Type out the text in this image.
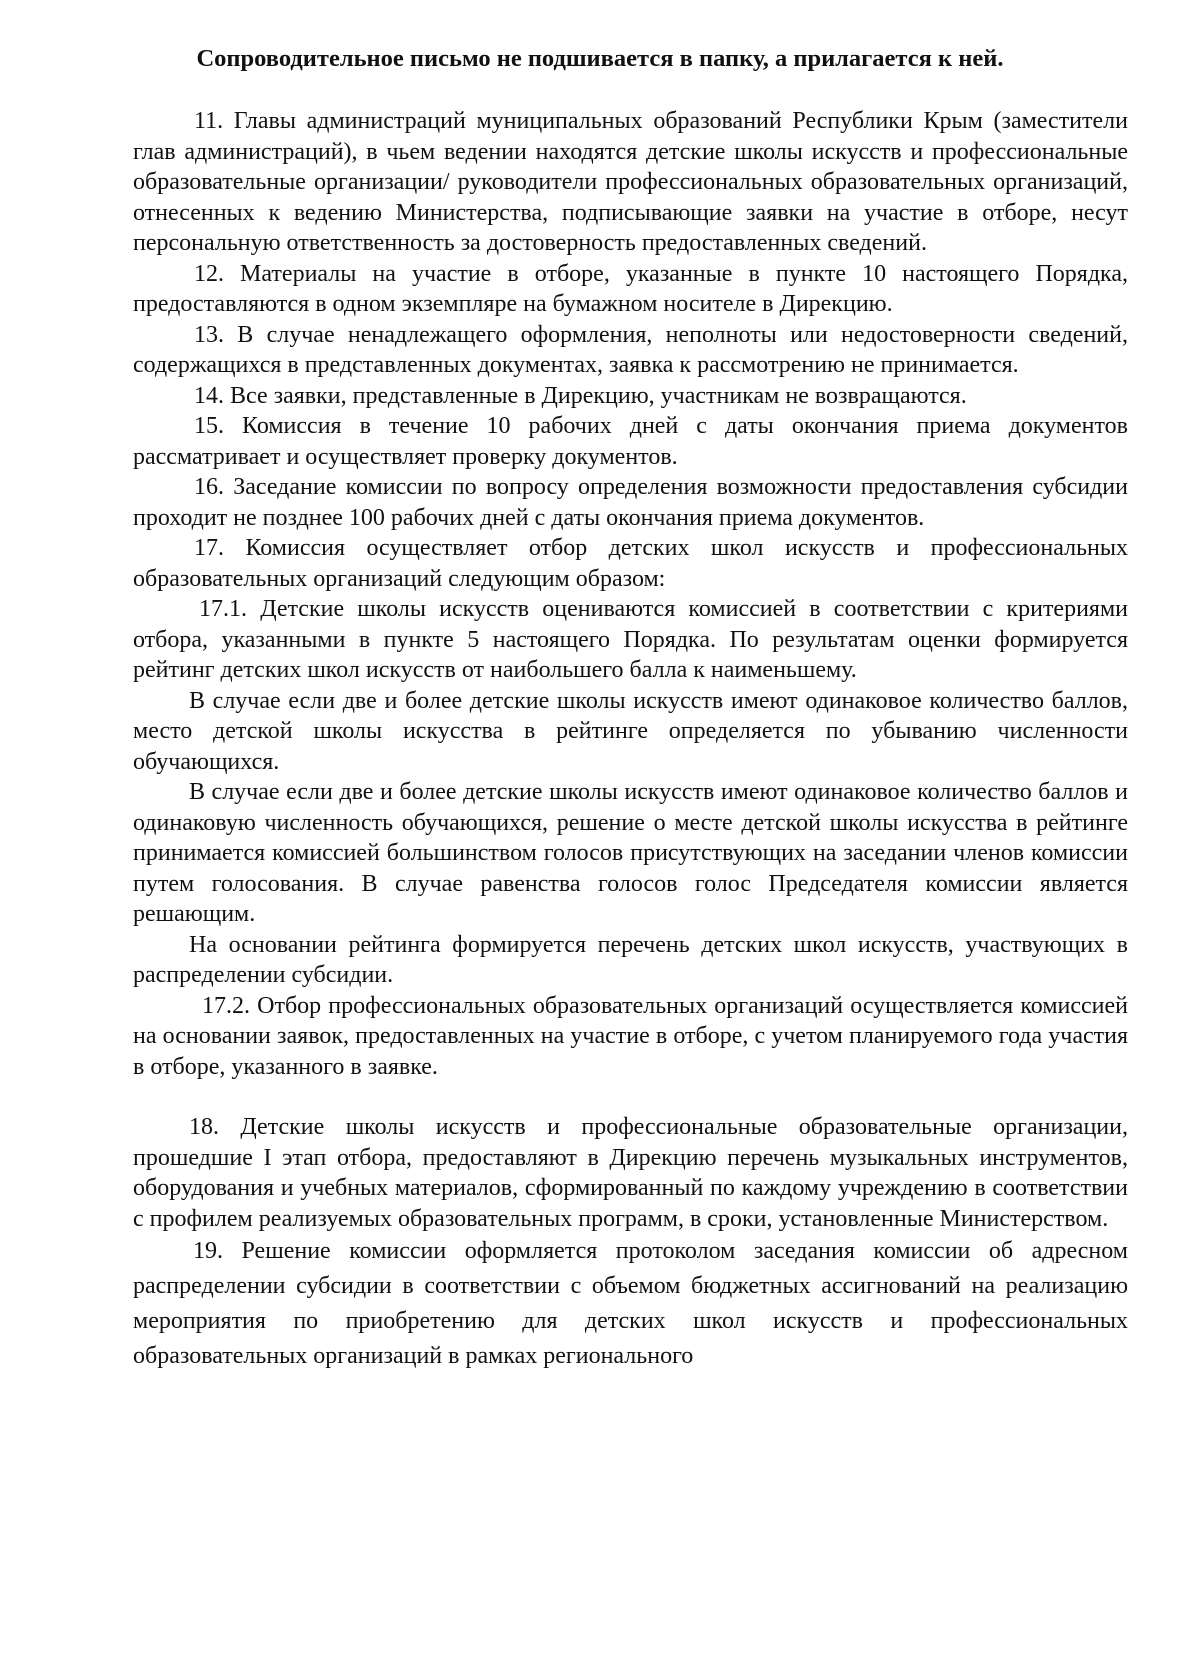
Сопроводительное письмо не подшивается в папку, а прилагается к ней.

11. Главы администраций муниципальных образований Республики Крым (заместители глав администраций), в чьем ведении находятся детские школы искусств и профессиональные образовательные организации/ руководители профессиональных образовательных организаций, отнесенных к ведению Министерства, подписывающие заявки на участие в отборе, несут персональную ответственность за достоверность предоставленных сведений.

12. Материалы на участие в отборе, указанные в пункте 10 настоящего Порядка, предоставляются в одном экземпляре на бумажном носителе в Дирекцию.

13. В случае ненадлежащего оформления, неполноты или недостоверности сведений, содержащихся в представленных документах, заявка к рассмотрению не принимается.

14. Все заявки, представленные в Дирекцию, участникам не возвращаются.

15. Комиссия в течение 10 рабочих дней с даты окончания приема документов рассматривает и осуществляет проверку документов.

16. Заседание комиссии по вопросу определения возможности предоставления субсидии проходит не позднее 100 рабочих дней с даты окончания приема документов.

17. Комиссия осуществляет отбор детских школ искусств и профессиональных образовательных организаций следующим образом:

17.1. Детские школы искусств оцениваются комиссией в соответствии с критериями отбора, указанными в пункте 5 настоящего Порядка. По результатам оценки формируется рейтинг детских школ искусств от наибольшего балла к наименьшему.

В случае если две и более детские школы искусств имеют одинаковое количество баллов, место детской школы искусства в рейтинге определяется по убыванию численности обучающихся.

В случае если две и более детские школы искусств имеют одинаковое количество баллов и одинаковую численность обучающихся, решение о месте детской школы искусства в рейтинге принимается комиссией большинством голосов присутствующих на заседании членов комиссии путем голосования. В случае равенства голосов голос Председателя комиссии является решающим.

На основании рейтинга формируется перечень детских школ искусств, участвующих в распределении субсидии.

17.2. Отбор профессиональных образовательных организаций осуществляется комиссией на основании заявок, предоставленных на участие в отборе, с учетом планируемого года участия в отборе, указанного в заявке.

18. Детские школы искусств и профессиональные образовательные организации, прошедшие I этап отбора, предоставляют в Дирекцию перечень музыкальных инструментов, оборудования и учебных материалов, сформированный по каждому учреждению в соответствии с профилем реализуемых образовательных программ, в сроки, установленные Министерством.

19. Решение комиссии оформляется протоколом заседания комиссии об адресном распределении субсидии в соответствии с объемом бюджетных ассигнований на реализацию мероприятия по приобретению для детских школ искусств и профессиональных образовательных организаций в рамках регионального
